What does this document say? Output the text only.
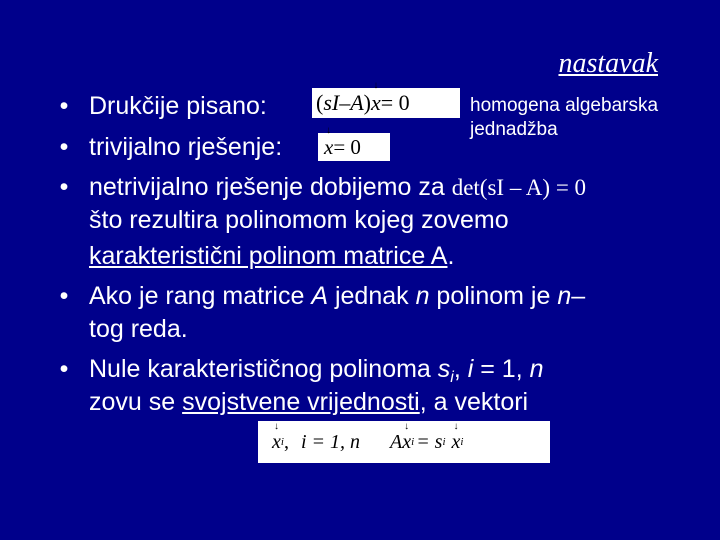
nastavak
• Drukčije pisano: ( s I – A ) ↓ x = 0	homogena algebarska
jednadžba
• trivijalno rješenje: ↓ x = 0
• netrivijalno rješenje dobijemo za det(sI – A) = 0
što rezultira polinomom kojeg zovemo
karakteristični polinom matrice A.
• Ako je rang matrice A jednak n polinom je n–
tog reda.
• Nule karakterističnog polinoma $s_i$, i = 1, n
zovu se svojstvene vrijednosti, a vektori
↓ x i , i = 1, n A ↓ x i = s i ↓ x i
